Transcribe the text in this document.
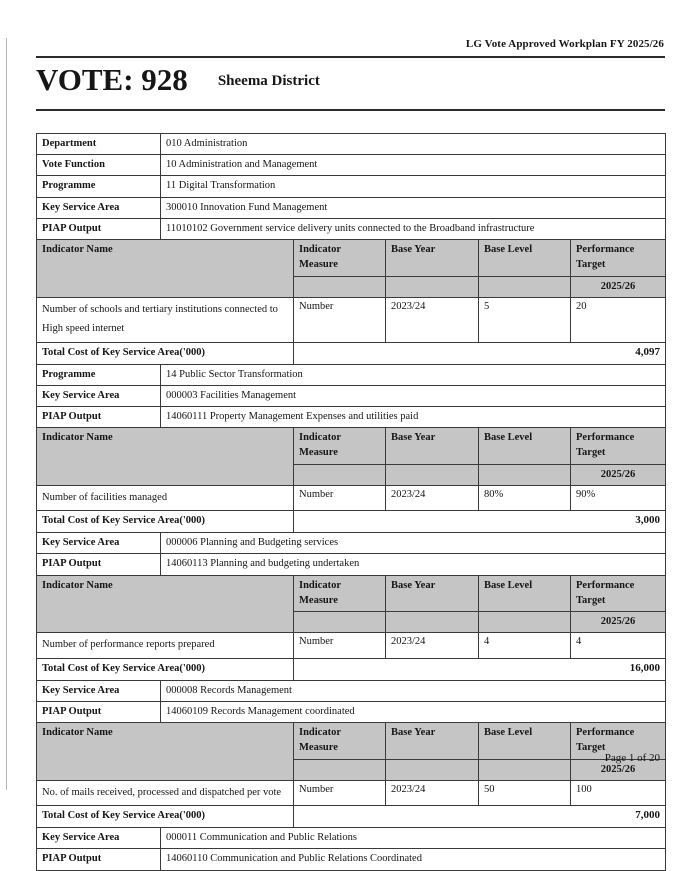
LG Vote Approved Workplan FY 2025/26
VOTE: 928 Sheema District
Department	010 Administration
Vote Function	10 Administration and Management
Programme	11 Digital Transformation
Key Service Area	300010 Innovation Fund Management
PIAP Output	11010102 Government service delivery units connected to the Broadband infrastructure
Indicator Name	Indicator Measure	Base Year	Base Level	Performance Target
				2025/26
Number of schools and tertiary institutions connected to High speed internet	Number	2023/24	5	20
Total Cost of Key Service Area('000)	4,097			
Programme	14 Public Sector Transformation
Key Service Area	000003 Facilities Management
PIAP Output	14060111 Property Management Expenses and utilities paid
Indicator Name	Indicator Measure	Base Year	Base Level	Performance Target
				2025/26
Number of facilities managed	Number	2023/24	80%	90%
Total Cost of Key Service Area('000)	3,000			
Key Service Area	000006 Planning and Budgeting services
PIAP Output	14060113 Planning and budgeting undertaken
Indicator Name	Indicator Measure	Base Year	Base Level	Performance Target
				2025/26
Number of performance reports prepared	Number	2023/24	4	4
Total Cost of Key Service Area('000)	16,000			
Key Service Area	000008 Records Management
PIAP Output	14060109 Records Management coordinated
Indicator Name	Indicator Measure	Base Year	Base Level	Performance Target
				2025/26
No. of mails received, processed and dispatched per vote	Number	2023/24	50	100
Total Cost of Key Service Area('000)	7,000			
Key Service Area	000011 Communication and Public Relations
PIAP Output	14060110 Communication and Public Relations Coordinated
Page 1 of 20
